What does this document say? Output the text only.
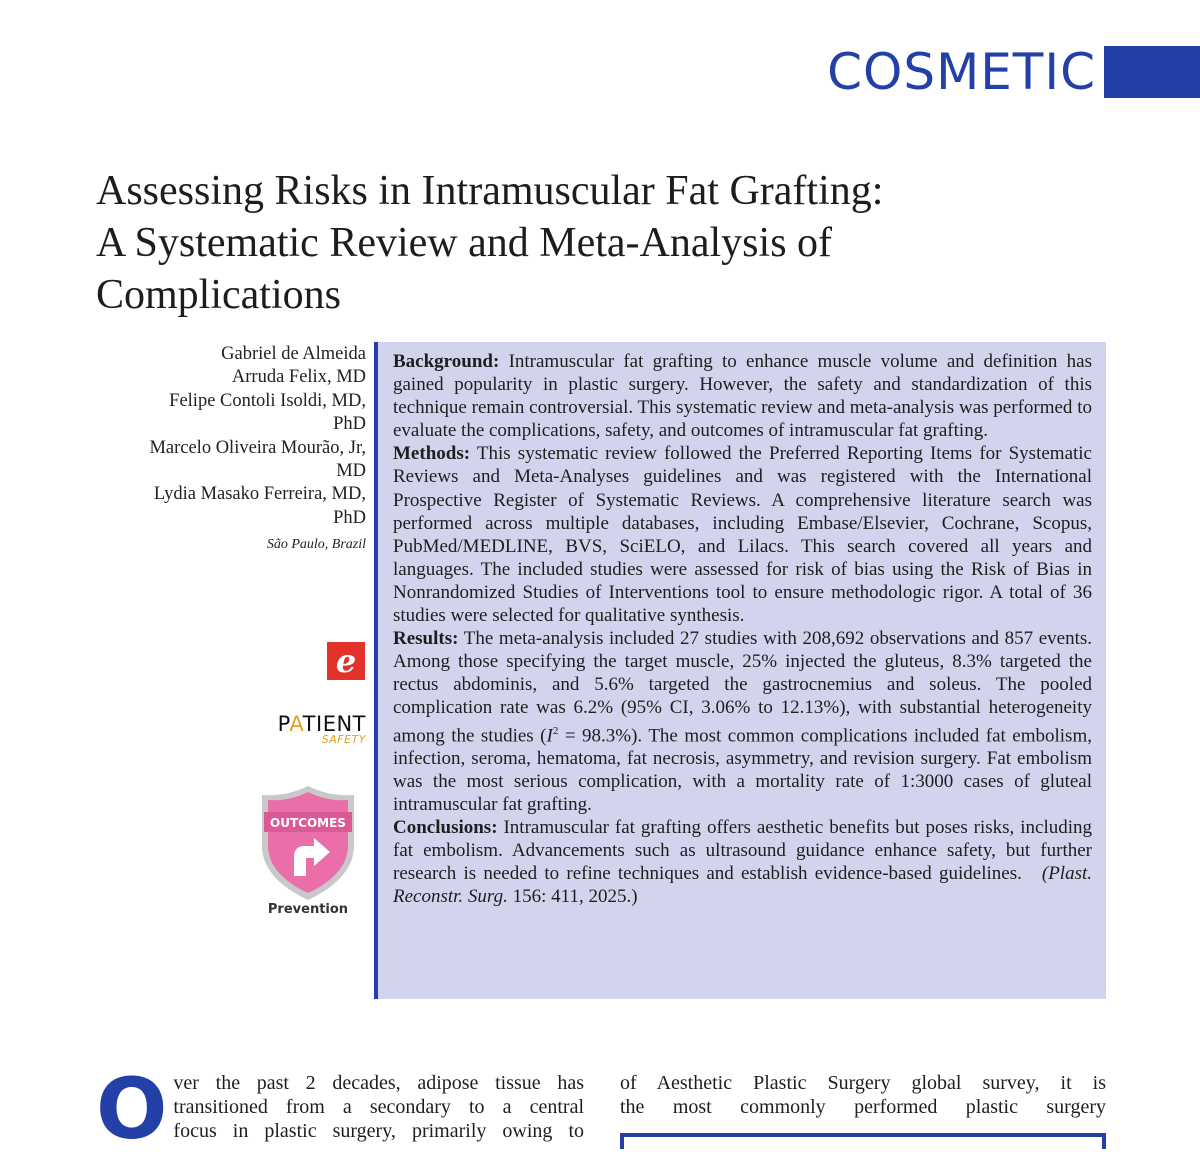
COSMETIC
Assessing Risks in Intramuscular Fat Grafting:
A Systematic Review and Meta-Analysis of
Complications
Gabriel de Almeida
Arruda Felix, MD
Felipe Contoli Isoldi, MD,
PhD
Marcelo Oliveira Mourão, Jr,
MD
Lydia Masako Ferreira, MD,
PhD
São Paulo, Brazil
e
PATIENT
SAFETY
OUTCOMES
Prevention

Background: Intramuscular fat grafting to enhance muscle volume and definition has gained popularity in plastic surgery. However, the safety and standardization of this technique remain controversial. This systematic review and meta-analysis was performed to evaluate the complications, safety, and outcomes of intramuscular fat grafting.

Methods: This systematic review followed the Preferred Reporting Items for Systematic Reviews and Meta-Analyses guidelines and was registered with the International Prospective Register of Systematic Reviews. A comprehensive literature search was performed across multiple databases, including Embase/Elsevier, Cochrane, Scopus, PubMed/MEDLINE, BVS, SciELO, and Lilacs. This search covered all years and languages. The included studies were assessed for risk of bias using the Risk of Bias in Nonrandomized Studies of Interventions tool to ensure methodologic rigor. A total of 36 studies were selected for qualitative synthesis.

Results: The meta-analysis included 27 studies with 208,692 observations and 857 events. Among those specifying the target muscle, 25% injected the gluteus, 8.3% targeted the rectus abdominis, and 5.6% targeted the gastrocnemius and soleus. The pooled complication rate was 6.2% (95% CI, 3.06% to 12.13%), with substantial heterogeneity among the studies $(I^2 = 98.3\%)$. The most common complications included fat embolism, infection, seroma, hematoma, fat necrosis, asymmetry, and revision surgery. Fat embolism was the most serious complication, with a mortality rate of 1:3000 cases of gluteal intramuscular fat grafting.

Conclusions: Intramuscular fat grafting offers aesthetic benefits but poses risks, including fat embolism. Advancements such as ultrasound guidance enhance safety, but further research is needed to refine techniques and establish evidence-based guidelines. (Plast. Reconstr. Surg. 156: 411, 2025.)

O ver the past 2 decades, adipose tissue has
transitioned from a secondary to a central
focus in plastic surgery, primarily owing to
of Aesthetic Plastic Surgery global survey, it is
the most commonly performed plastic surgery
